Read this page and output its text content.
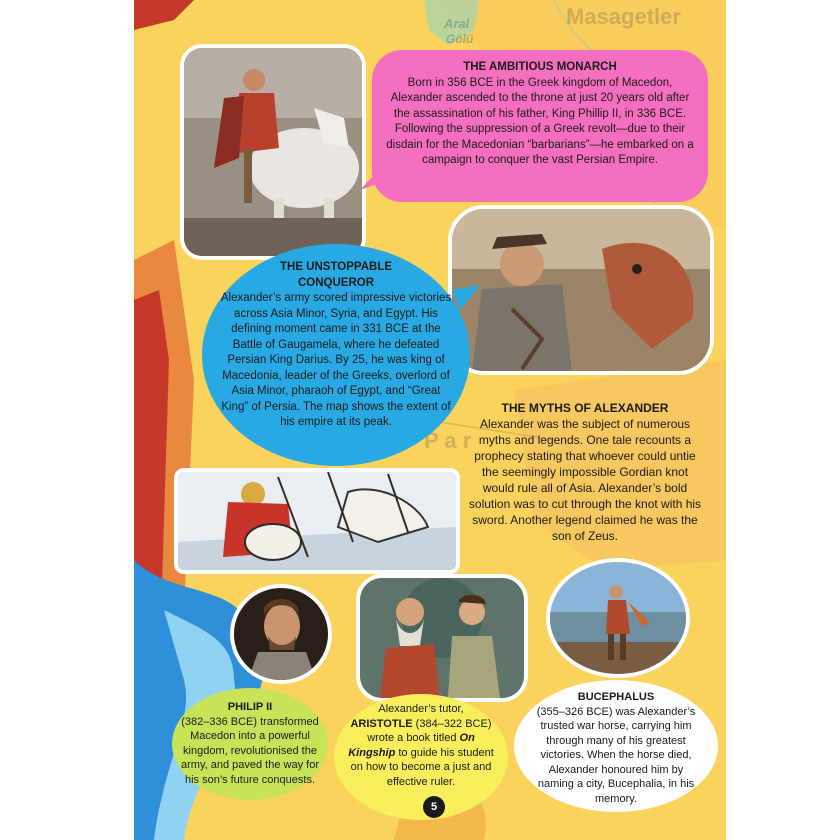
Masagetler
Aral
Gölü
P a r
THE AMBITIOUS MONARCH
Born in 356 BCE in the Greek kingdom of Macedon, Alexander ascended to the throne at just 20 years old after the assassination of his father, King Phillip II, in 336 BCE. Following the suppression of a Greek revolt—due to their disdain for the Macedonian “barbarians”—he embarked on a campaign to conquer the vast Persian Empire.
THE UNSTOPPABLE
CONQUEROR
Alexander’s army scored impressive victories across Asia Minor, Syria, and Egypt. His defining moment came in 331 BCE at the Battle of Gaugamela, where he defeated Persian King Darius. By 25, he was king of Macedonia, leader of the Greeks, overlord of Asia Minor, pharaoh of Egypt, and “Great King” of Persia. The map shows the extent of his empire at its peak.
THE MYTHS OF ALEXANDER
Alexander was the subject of numerous myths and legends. One tale recounts a prophecy stating that whoever could untie the seemingly impossible Gordian knot would rule all of Asia. Alexander’s bold solution was to cut through the knot with his sword. Another legend claimed he was the son of Zeus.
PHILIP II
(382–336 BCE) transformed Macedon into a powerful kingdom, revolutionised the army, and paved the way for his son’s future conquests.
Alexander’s tutor,
ARISTOTLE (384–322 BCE) wrote a book titled On Kingship to guide his student on how to become a just and effective ruler.
BUCEPHALUS
(355–326 BCE) was Alexander’s trusted war horse, carrying him through many of his greatest victories. When the horse died, Alexander honoured him by naming a city, Bucephalia, in his memory.
5
